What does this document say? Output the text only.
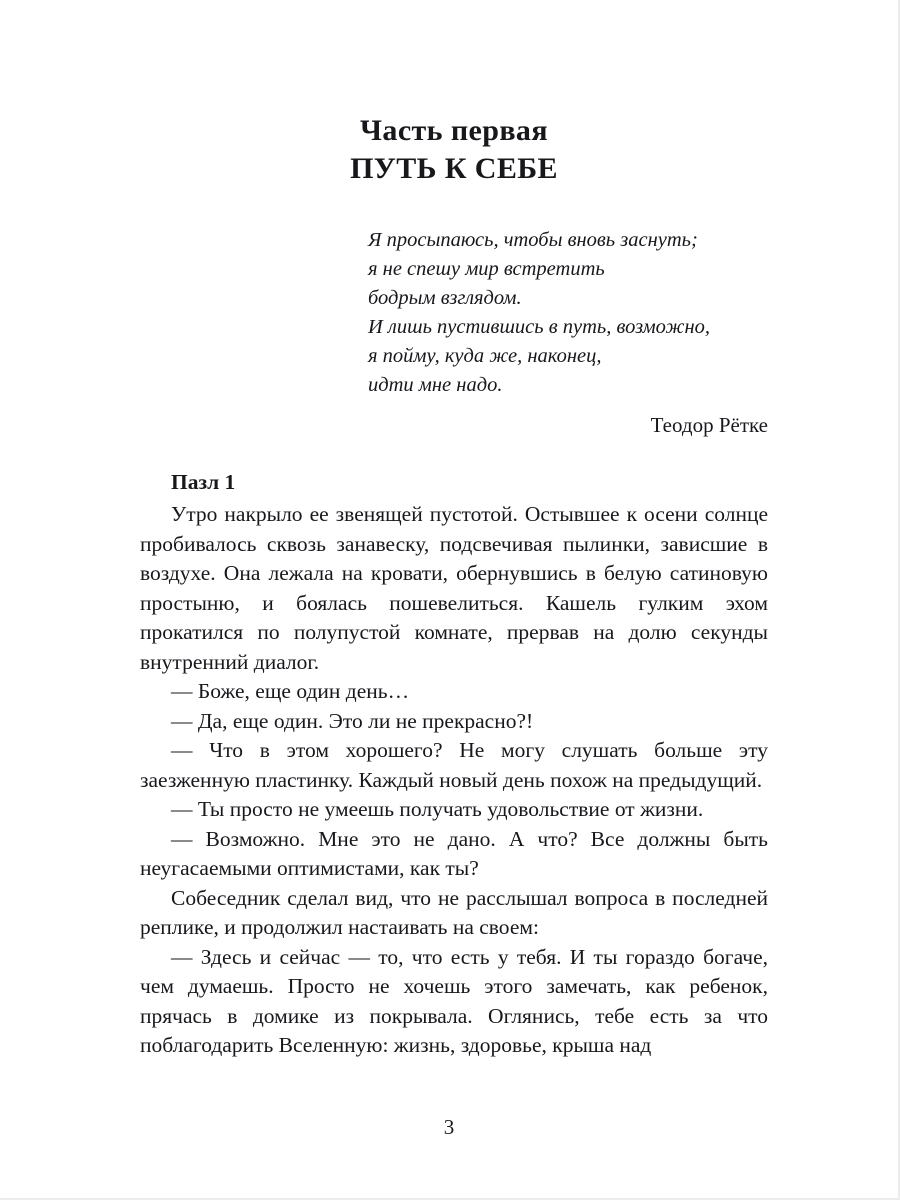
Часть первая
ПУТЬ К СЕБЕ
Я просыпаюсь, чтобы вновь заснуть;
я не спешу мир встретить
бодрым взглядом.
И лишь пустившись в путь, возможно,
я пойму, куда же, наконец,
идти мне надо.
Теодор Рётке
Пазл 1

Утро накрыло ее звенящей пустотой. Остывшее к осени солнце пробивалось сквозь занавеску, подсвечивая пылинки, зависшие в воздухе. Она лежала на кровати, обернувшись в белую сатиновую простыню, и боялась пошевелиться. Кашель гулким эхом прокатился по полупустой комнате, прервав на долю секунды внутренний диалог.

— Боже, еще один день…

— Да, еще один. Это ли не прекрасно?!

— Что в этом хорошего? Не могу слушать больше эту заезженную пластинку. Каждый новый день похож на предыдущий.

— Ты просто не умеешь получать удовольствие от жизни.

— Возможно. Мне это не дано. А что? Все должны быть неугасаемыми оптимистами, как ты?

Собеседник сделал вид, что не расслышал вопроса в последней реплике, и продолжил настаивать на своем:

— Здесь и сейчас — то, что есть у тебя. И ты гораздо богаче, чем думаешь. Просто не хочешь этого замечать, как ребенок, прячась в домике из покрывала. Оглянись, тебе есть за что поблагодарить Вселенную: жизнь, здоровье, крыша над

3
